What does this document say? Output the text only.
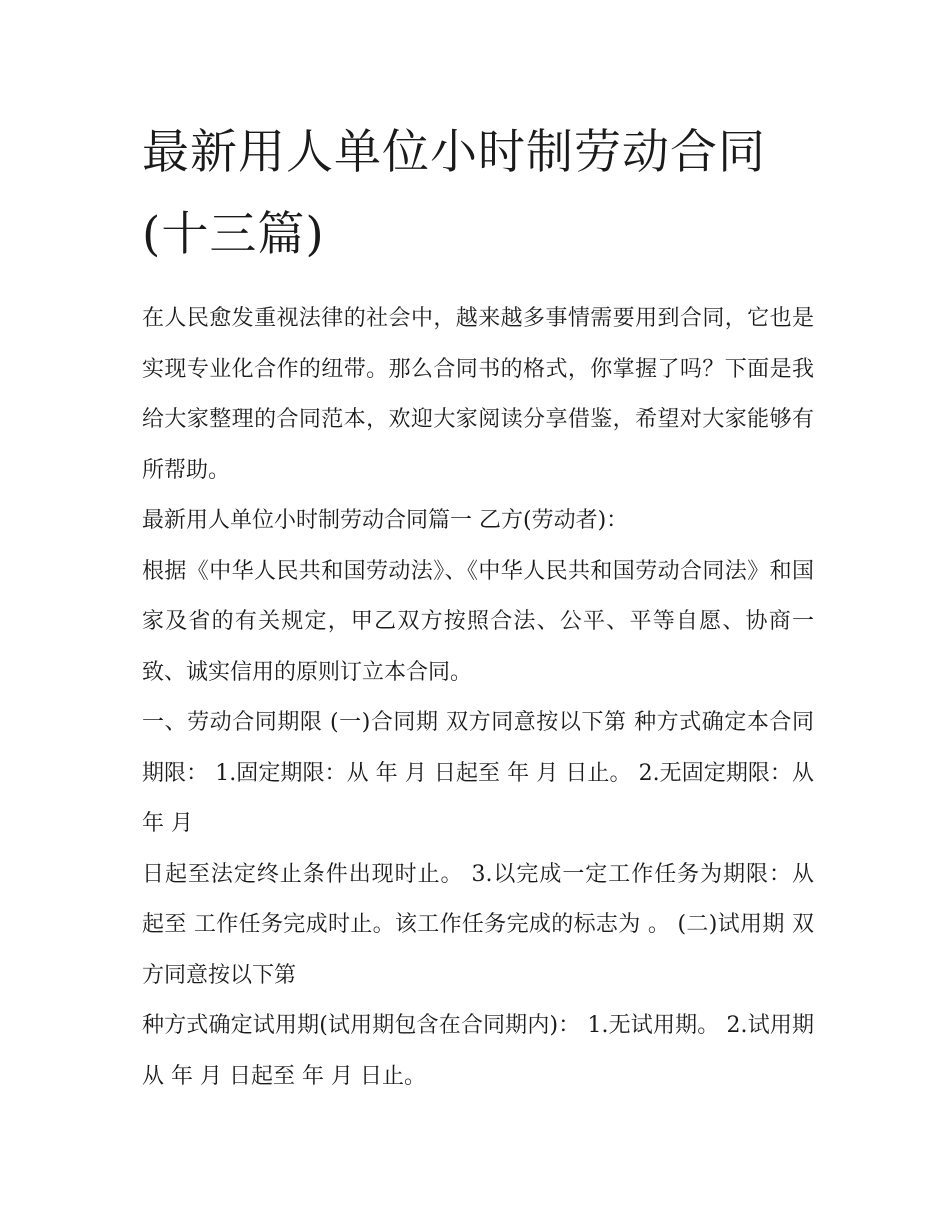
最新用人单位小时制劳动合同(十三篇)

在人民愈发重视法律的社会中，越来越多事情需要用到合同，它也是实现专业化合作的纽带。那么合同书的格式，你掌握了吗？下面是我给大家整理的合同范本，欢迎大家阅读分享借鉴，希望对大家能够有所帮助。

最新用人单位小时制劳动合同篇一 乙方(劳动者)：

根据《中华人民共和国劳动法》、《中华人民共和国劳动合同法》和国家及省的有关规定，甲乙双方按照合法、公平、平等自愿、协商一致、诚实信用的原则订立本合同。

一、劳动合同期限 (一)合同期 双方同意按以下第 种方式确定本合同期限： 1.固定期限：从 年 月 日起至 年 月 日止。 2.无固定期限：从 年 月

日起至法定终止条件出现时止。 3.以完成一定工作任务为期限：从 起至 工作任务完成时止。该工作任务完成的标志为 。 (二)试用期 双方同意按以下第

种方式确定试用期(试用期包含在合同期内)： 1.无试用期。 2.试用期从 年 月 日起至 年 月 日止。
